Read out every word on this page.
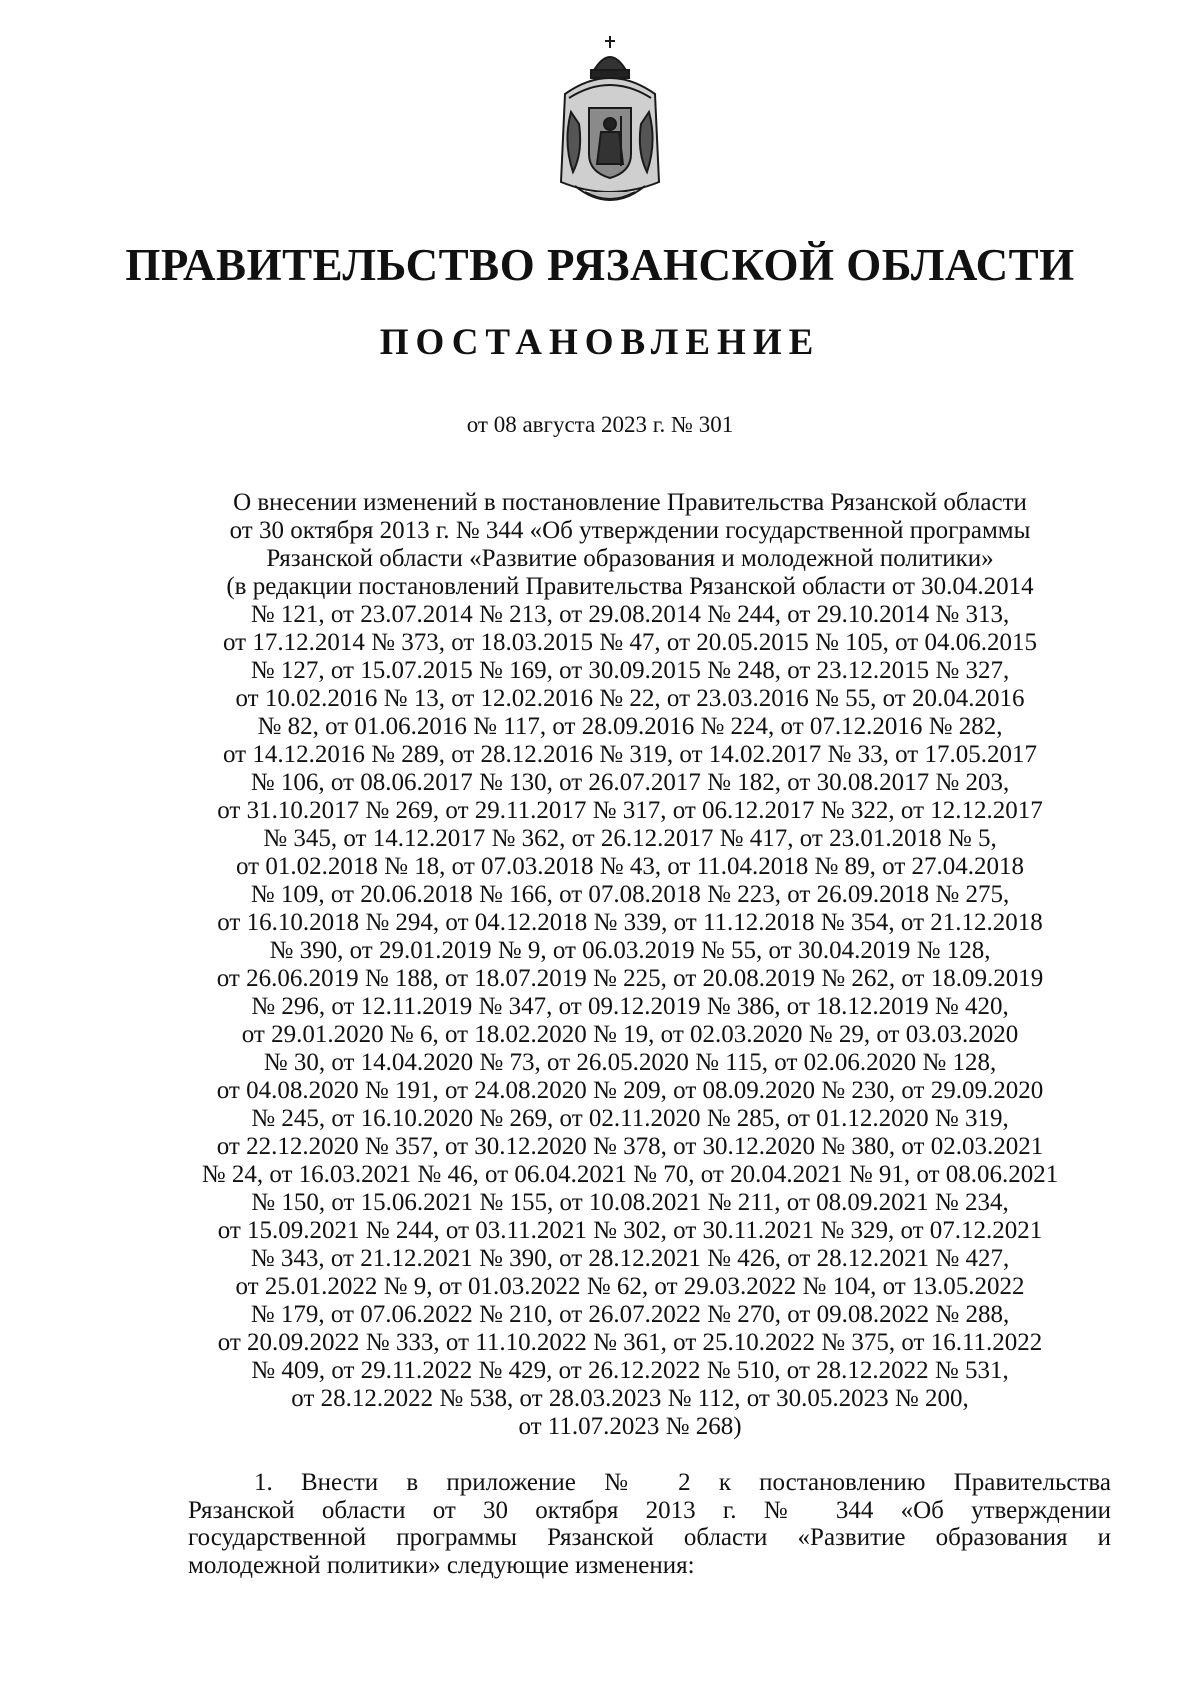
ПРАВИТЕЛЬСТВО РЯЗАНСКОЙ ОБЛАСТИ
ПОСТАНОВЛЕНИЕ
от 08 августа 2023 г. № 301
О внесении изменений в постановление Правительства Рязанской области
от 30 октября 2013 г. № 344 «Об утверждении государственной программы
Рязанской области «Развитие образования и молодежной политики»
(в редакции постановлений Правительства Рязанской области от 30.04.2014
№ 121, от 23.07.2014 № 213, от 29.08.2014 № 244, от 29.10.2014 № 313,
от 17.12.2014 № 373, от 18.03.2015 № 47, от 20.05.2015 № 105, от 04.06.2015
№ 127, от 15.07.2015 № 169, от 30.09.2015 № 248, от 23.12.2015 № 327,
от 10.02.2016 № 13, от 12.02.2016 № 22, от 23.03.2016 № 55, от 20.04.2016
№ 82, от 01.06.2016 № 117, от 28.09.2016 № 224, от 07.12.2016 № 282,
от 14.12.2016 № 289, от 28.12.2016 № 319, от 14.02.2017 № 33, от 17.05.2017
№ 106, от 08.06.2017 № 130, от 26.07.2017 № 182, от 30.08.2017 № 203,
от 31.10.2017 № 269, от 29.11.2017 № 317, от 06.12.2017 № 322, от 12.12.2017
№ 345, от 14.12.2017 № 362, от 26.12.2017 № 417, от 23.01.2018 № 5,
от 01.02.2018 № 18, от 07.03.2018 № 43, от 11.04.2018 № 89, от 27.04.2018
№ 109, от 20.06.2018 № 166, от 07.08.2018 № 223, от 26.09.2018 № 275,
от 16.10.2018 № 294, от 04.12.2018 № 339, от 11.12.2018 № 354, от 21.12.2018
№ 390, от 29.01.2019 № 9, от 06.03.2019 № 55, от 30.04.2019 № 128,
от 26.06.2019 № 188, от 18.07.2019 № 225, от 20.08.2019 № 262, от 18.09.2019
№ 296, от 12.11.2019 № 347, от 09.12.2019 № 386, от 18.12.2019 № 420,
от 29.01.2020 № 6, от 18.02.2020 № 19, от 02.03.2020 № 29, от 03.03.2020
№ 30, от 14.04.2020 № 73, от 26.05.2020 № 115, от 02.06.2020 № 128,
от 04.08.2020 № 191, от 24.08.2020 № 209, от 08.09.2020 № 230, от 29.09.2020
№ 245, от 16.10.2020 № 269, от 02.11.2020 № 285, от 01.12.2020 № 319,
от 22.12.2020 № 357, от 30.12.2020 № 378, от 30.12.2020 № 380, от 02.03.2021
№ 24, от 16.03.2021 № 46, от 06.04.2021 № 70, от 20.04.2021 № 91, от 08.06.2021
№ 150, от 15.06.2021 № 155, от 10.08.2021 № 211, от 08.09.2021 № 234,
от 15.09.2021 № 244, от 03.11.2021 № 302, от 30.11.2021 № 329, от 07.12.2021
№ 343, от 21.12.2021 № 390, от 28.12.2021 № 426, от 28.12.2021 № 427,
от 25.01.2022 № 9, от 01.03.2022 № 62, от 29.03.2022 № 104, от 13.05.2022
№ 179, от 07.06.2022 № 210, от 26.07.2022 № 270, от 09.08.2022 № 288,
от 20.09.2022 № 333, от 11.10.2022 № 361, от 25.10.2022 № 375, от 16.11.2022
№ 409, от 29.11.2022 № 429, от 26.12.2022 № 510, от 28.12.2022 № 531,
от 28.12.2022 № 538, от 28.03.2023 № 112, от 30.05.2023 № 200,
от 11.07.2023 № 268)
1. Внести в приложение № 2 к постановлению Правительства
Рязанской области от 30 октября 2013 г. № 344 «Об утверждении
государственной программы Рязанской области «Развитие образования и
молодежной политики» следующие изменения:
